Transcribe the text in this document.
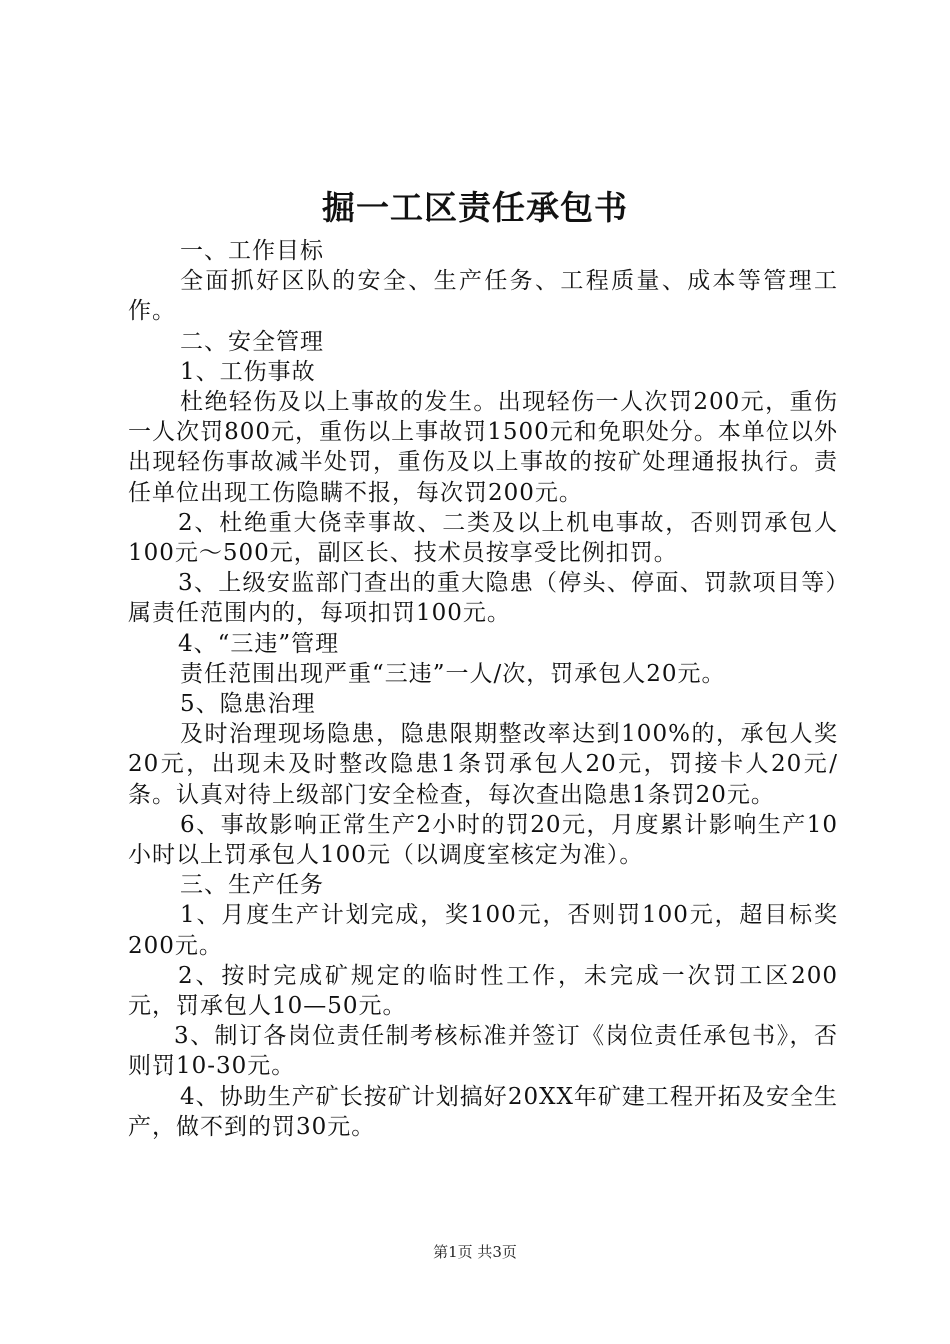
掘一工区责任承包书

一、工作目标

全面抓好区队的安全、生产任务、工程质量、成本等管理工作。

二、安全管理

1、工伤事故

杜绝轻伤及以上事故的发生。出现轻伤一人次罚200元，重伤一人次罚800元，重伤以上事故罚1500元和免职处分。本单位以外出现轻伤事故减半处罚，重伤及以上事故的按矿处理通报执行。责任单位出现工伤隐瞒不报，每次罚200元。

2、杜绝重大侥幸事故、二类及以上机电事故，否则罚承包人100元～500元，副区长、技术员按享受比例扣罚。

3、上级安监部门查出的重大隐患（停头、停面、罚款项目等）属责任范围内的，每项扣罚100元。

4、“三违”管理

责任范围出现严重“三违”一人/次，罚承包人20元。

5、隐患治理

及时治理现场隐患，隐患限期整改率达到100%的，承包人奖20元，出现未及时整改隐患1条罚承包人20元，罚接卡人20元/条。认真对待上级部门安全检查，每次查出隐患1条罚20元。

6、事故影响正常生产2小时的罚20元，月度累计影响生产10小时以上罚承包人100元（以调度室核定为准）。

三、生产任务

1、月度生产计划完成，奖100元，否则罚100元，超目标奖200元。

2、按时完成矿规定的临时性工作，未完成一次罚工区200元，罚承包人10—50元。

3、制订各岗位责任制考核标准并签订《岗位责任承包书》，否则罚10-30元。

4、协助生产矿长按矿计划搞好20XX年矿建工程开拓及安全生产，做不到的罚30元。

第1页 共3页
